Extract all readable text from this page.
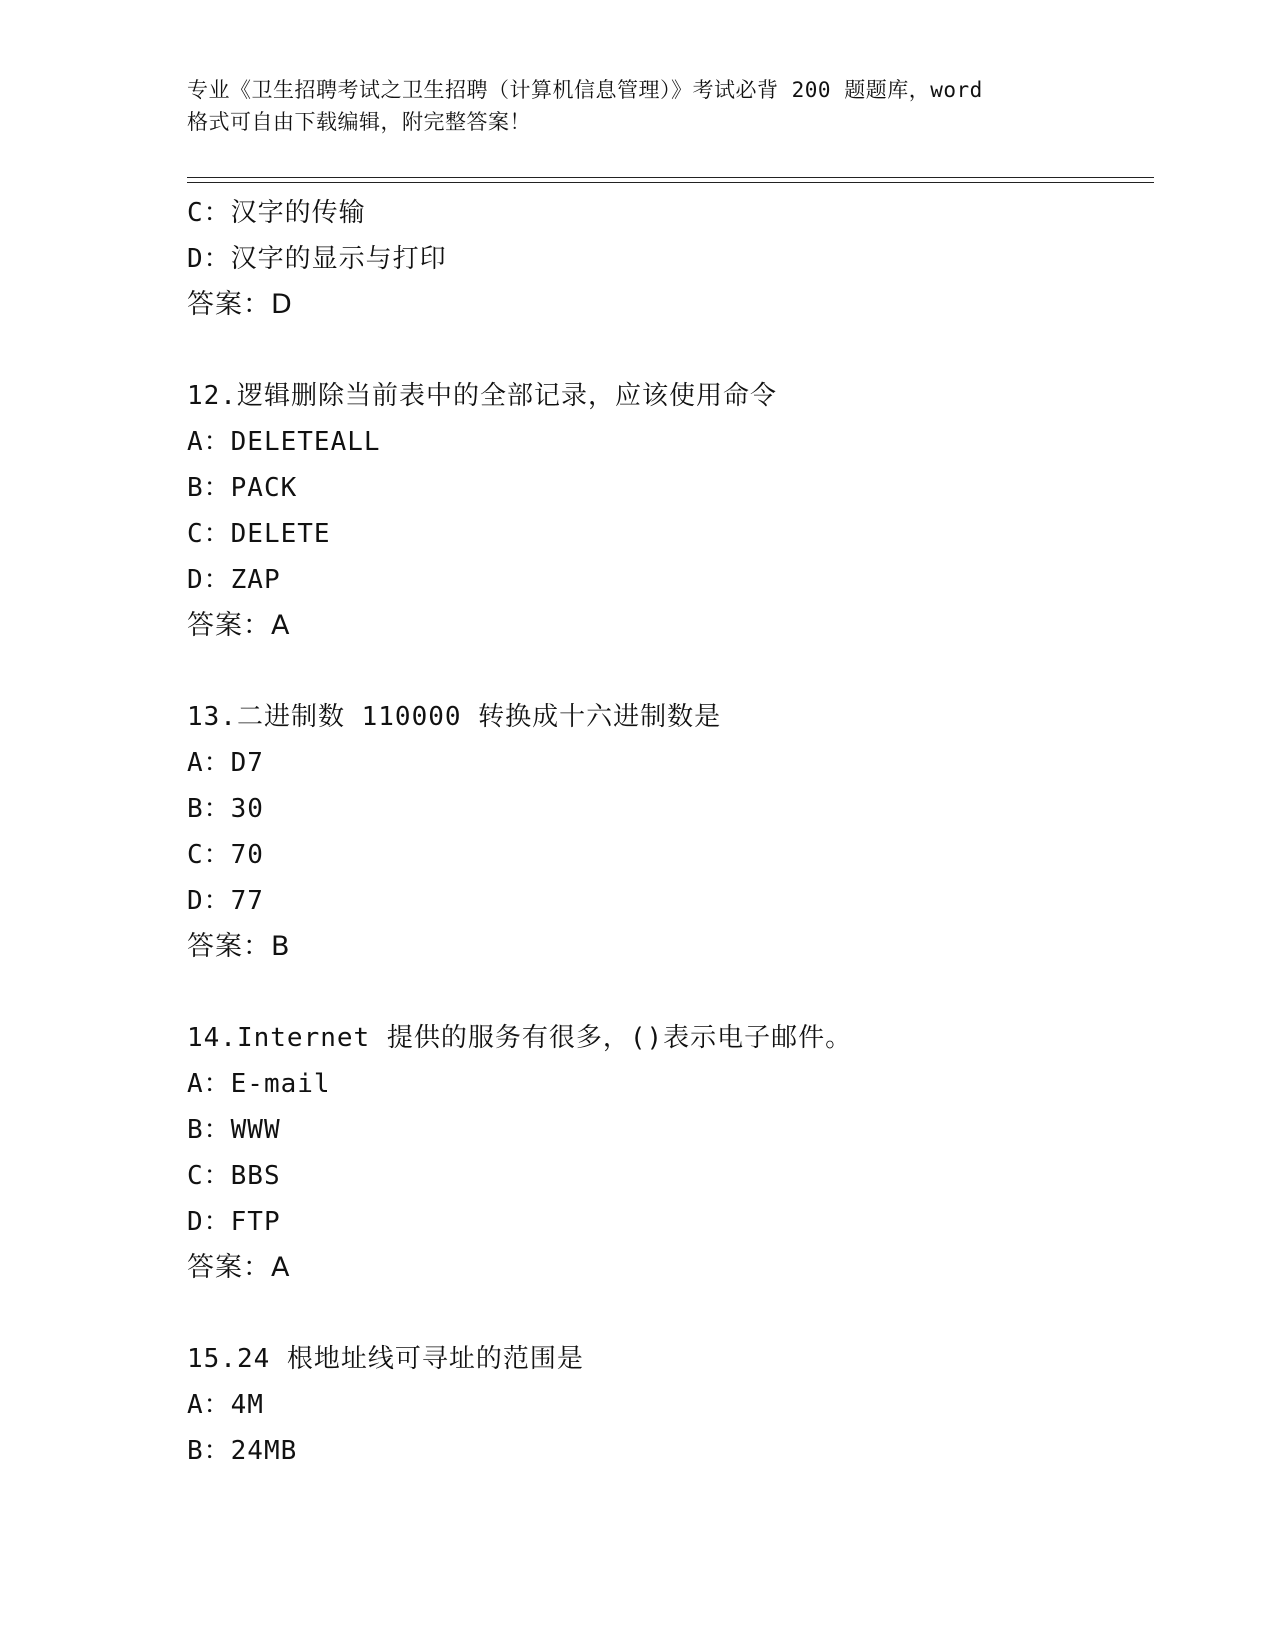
专业《卫生招聘考试之卫生招聘（计算机信息管理）》考试必背 200 题题库，word
格式可自由下载编辑，附完整答案！
C：汉字的传输
D：汉字的显示与打印
答案：D
12.逻辑删除当前表中的全部记录，应该使用命令
A：DELETEALL
B：PACK
C：DELETE
D：ZAP
答案：A
13.二进制数 110000 转换成十六进制数是
A：D7
B：30
C：70
D：77
答案：B
14.Internet 提供的服务有很多，()表示电子邮件。
A：E-mail
B：WWW
C：BBS
D：FTP
答案：A
15.24 根地址线可寻址的范围是
A：4M
B：24MB
